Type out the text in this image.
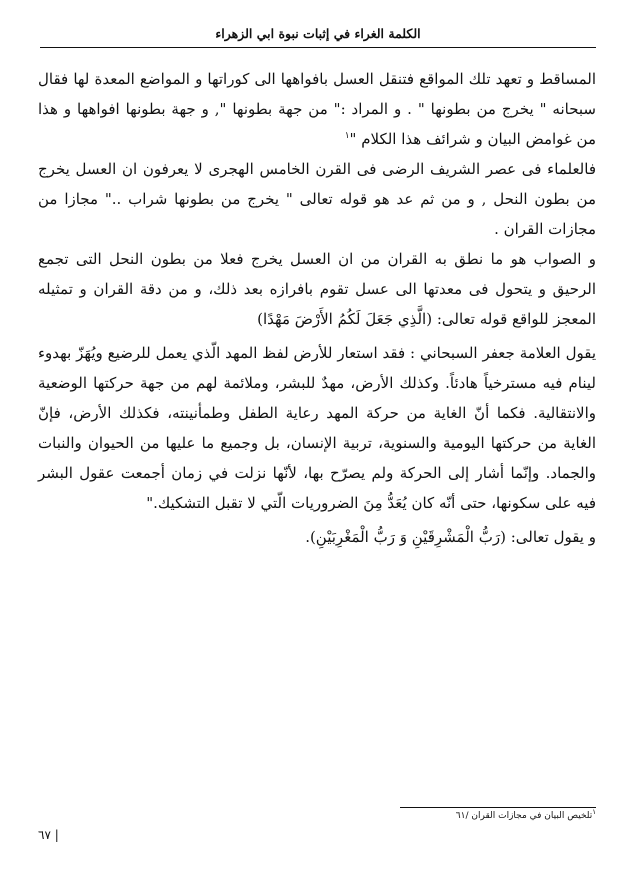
الكلمة الغراء في إثبات نبوة ابي الزهراء

المساقط و تعهد تلك المواقع فتنقل العسل بافواهها الى كوراتها و المواضع المعدة لها فقال سبحانه " يخرج من بطونها " . و المراد :" من جهة بطونها ", و جهة بطونها افواهها و هذا من غوامض البيان و شرائف هذا الكلام "$^١$

فالعلماء فى عصر الشريف الرضى فى القرن الخامس الهجرى لا يعرفون ان العسل يخرج من بطون النحل , و من ثم عد هو قوله تعالى " يخرج من بطونها شراب .." مجازا من مجازات القران .

و الصواب هو ما نطق به القران من ان العسل يخرج فعلا من بطون النحل التى تجمع الرحيق و يتحول فى معدتها الى عسل تقوم بافرازه بعد ذلك، و من دقة القران و تمثيله المعجز للواقع قوله تعالى: (الَّذِي جَعَلَ لَكُمُ الأَرْضَ مَهْدًا)

يقول العلامة جعفر السبحاني : فقد استعار للأرض لفظ المهد الّذي يعمل للرضيع ويُهَزّ بهدوء لينام فيه مسترخياً هادئاً. وكذلك الأرض، مهدٌ للبشر، وملائمة لهم من جهة حركتها الوضعية والانتقالية. فكما أنّ الغاية من حركة المهد رعاية الطفل وطمأنينته، فكذلك الأرض، فإنّ الغاية من حركتها اليومية والسنوية، تربية الإنسان، بل وجميع ما عليها من الحيوان والنبات والجماد. وإنّما أشار إلى الحركة ولم يصرّح بها، لأنّها نزلت في زمان أجمعت عقول البشر فيه على سكونها، حتى أنّه كان يُعَدُّ مِنَ الضروريات الّتي لا تقبل التشكيك."

و يقول تعالى: (رَبُّ الْمَشْرِقَيْنِ وَ رَبُّ الْمَغْرِبَيْنِ).

$^١$تلخيص البيان في مجازات القران /٦١
٦٧ |
